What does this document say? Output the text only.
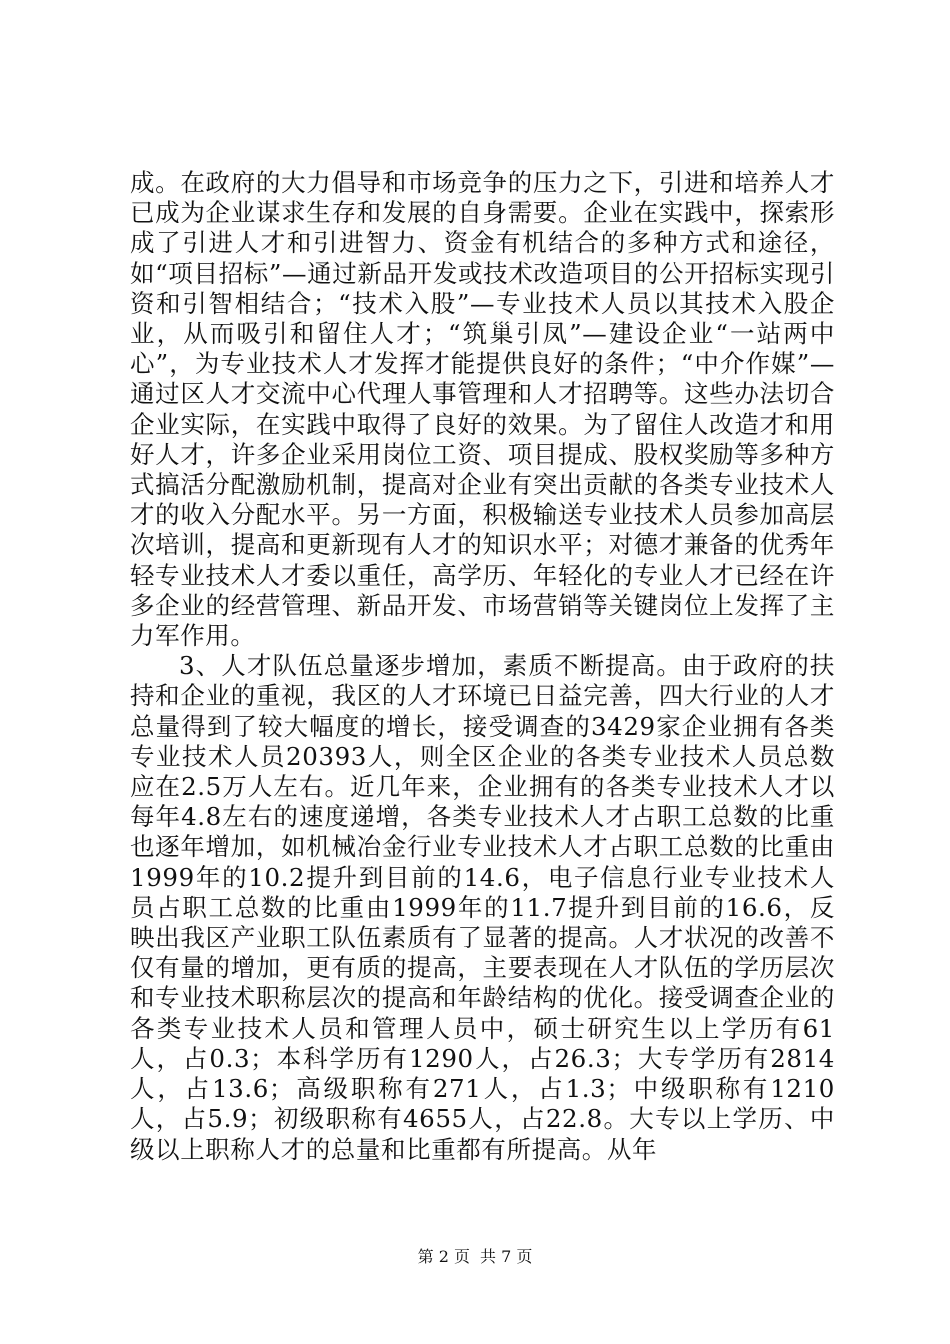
成。在政府的大力倡导和市场竞争的压力之下，引进和培养人才已成为企业谋求生存和发展的自身需要。企业在实践中，探索形成了引进人才和引进智力、资金有机结合的多种方式和途径，如“项目招标”—通过新品开发或技术改造项目的公开招标实现引资和引智相结合；“技术入股”—专业技术人员以其技术入股企业，从而吸引和留住人才；“筑巢引凤”—建设企业“一站两中心”，为专业技术人才发挥才能提供良好的条件；“中介作媒”—通过区人才交流中心代理人事管理和人才招聘等。这些办法切合企业实际，在实践中取得了良好的效果。为了留住人改造才和用好人才，许多企业采用岗位工资、项目提成、股权奖励等多种方式搞活分配激励机制，提高对企业有突出贡献的各类专业技术人才的收入分配水平。另一方面，积极输送专业技术人员参加高层次培训，提高和更新现有人才的知识水平；对德才兼备的优秀年轻专业技术人才委以重任，高学历、年轻化的专业人才已经在许多企业的经营管理、新品开发、市场营销等关键岗位上发挥了主力军作用。

3、人才队伍总量逐步增加，素质不断提高。由于政府的扶持和企业的重视，我区的人才环境已日益完善，四大行业的人才总量得到了较大幅度的增长，接受调查的3429家企业拥有各类专业技术人员20393人，则全区企业的各类专业技术人员总数应在2.5万人左右。近几年来，企业拥有的各类专业技术人才以每年4.8左右的速度递增，各类专业技术人才占职工总数的比重也逐年增加，如机械冶金行业专业技术人才占职工总数的比重由1999年的10.2提升到目前的14.6，电子信息行业专业技术人员占职工总数的比重由1999年的11.7提升到目前的16.6，反映出我区产业职工队伍素质有了显著的提高。人才状况的改善不仅有量的增加，更有质的提高，主要表现在人才队伍的学历层次和专业技术职称层次的提高和年龄结构的优化。接受调查企业的各类专业技术人员和管理人员中，硕士研究生以上学历有61人，占0.3；本科学历有1290人，占26.3；大专学历有2814人，占13.6；高级职称有271人，占1.3；中级职称有1210人，占5.9；初级职称有4655人，占22.8。大专以上学历、中级以上职称人才的总量和比重都有所提高。从年

第 2 页 共 7 页
